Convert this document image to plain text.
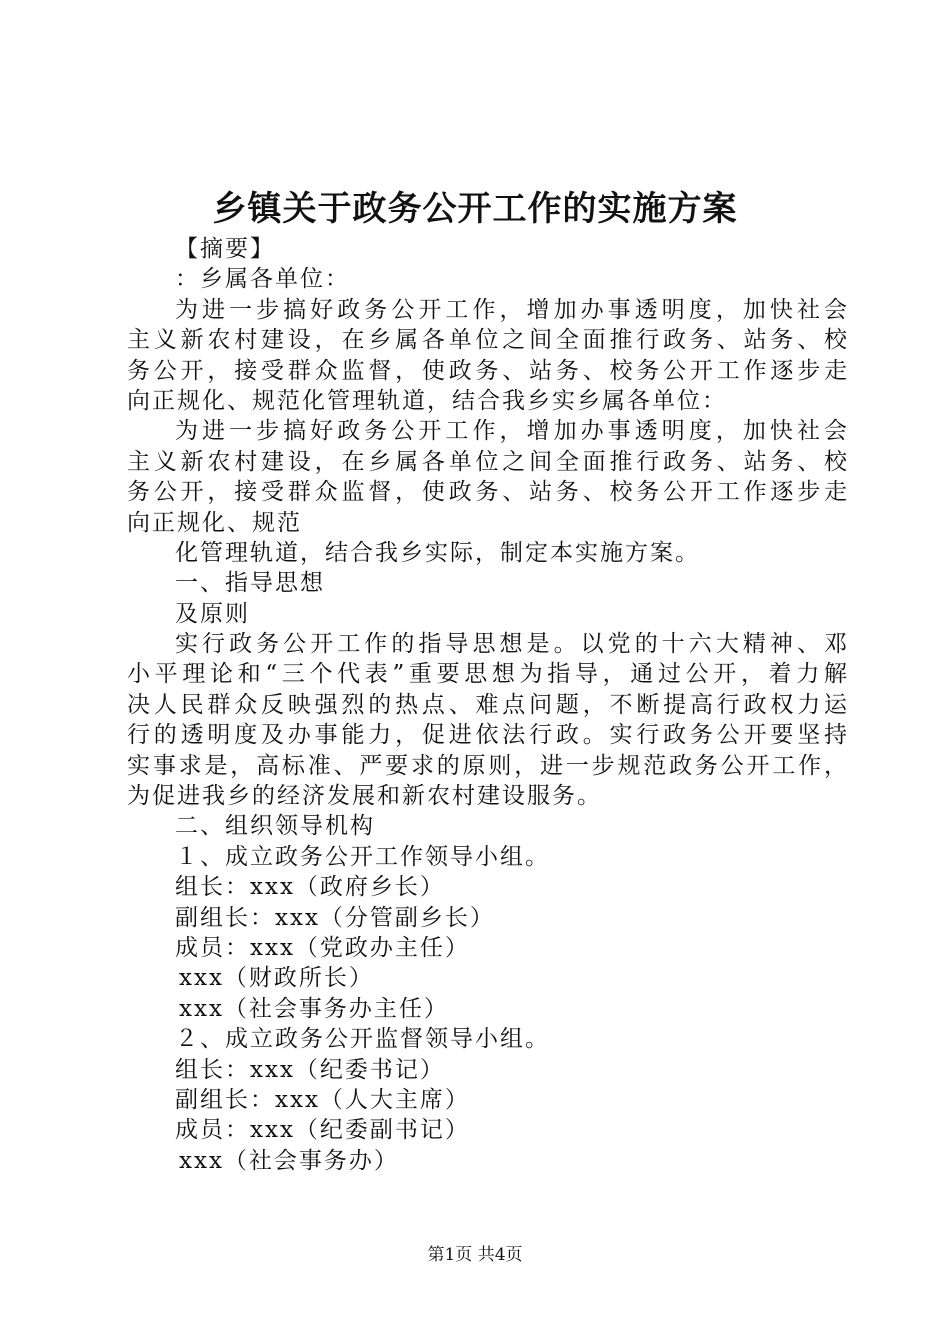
乡镇关于政务公开工作的实施方案
【摘要】
：乡属各单位：
为进一步搞好政务公开工作，增加办事透明度，加快社会
主义新农村建设，在乡属各单位之间全面推行政务、站务、校
务公开，接受群众监督，使政务、站务、校务公开工作逐步走
向正规化、规范化管理轨道，结合我乡实乡属各单位：
为进一步搞好政务公开工作，增加办事透明度，加快社会
主义新农村建设，在乡属各单位之间全面推行政务、站务、校
务公开，接受群众监督，使政务、站务、校务公开工作逐步走
向正规化、规范
化管理轨道，结合我乡实际，制定本实施方案。
一、指导思想
及原则
实行政务公开工作的指导思想是。以党的十六大精神、邓
小平理论和“三个代表”重要思想为指导，通过公开，着力解
决人民群众反映强烈的热点、难点问题，不断提高行政权力运
行的透明度及办事能力，促进依法行政。实行政务公开要坚持
实事求是，高标准、严要求的原则，进一步规范政务公开工作，
为促进我乡的经济发展和新农村建设服务。
二、组织领导机构
１、成立政务公开工作领导小组。
组长：xxx（政府乡长）
副组长：xxx（分管副乡长）
成员：xxx（党政办主任）
xxx（财政所长）
xxx（社会事务办主任）
２、成立政务公开监督领导小组。
组长：xxx（纪委书记）
副组长：xxx（人大主席）
成员：xxx（纪委副书记）
xxx（社会事务办）
第1页 共4页
